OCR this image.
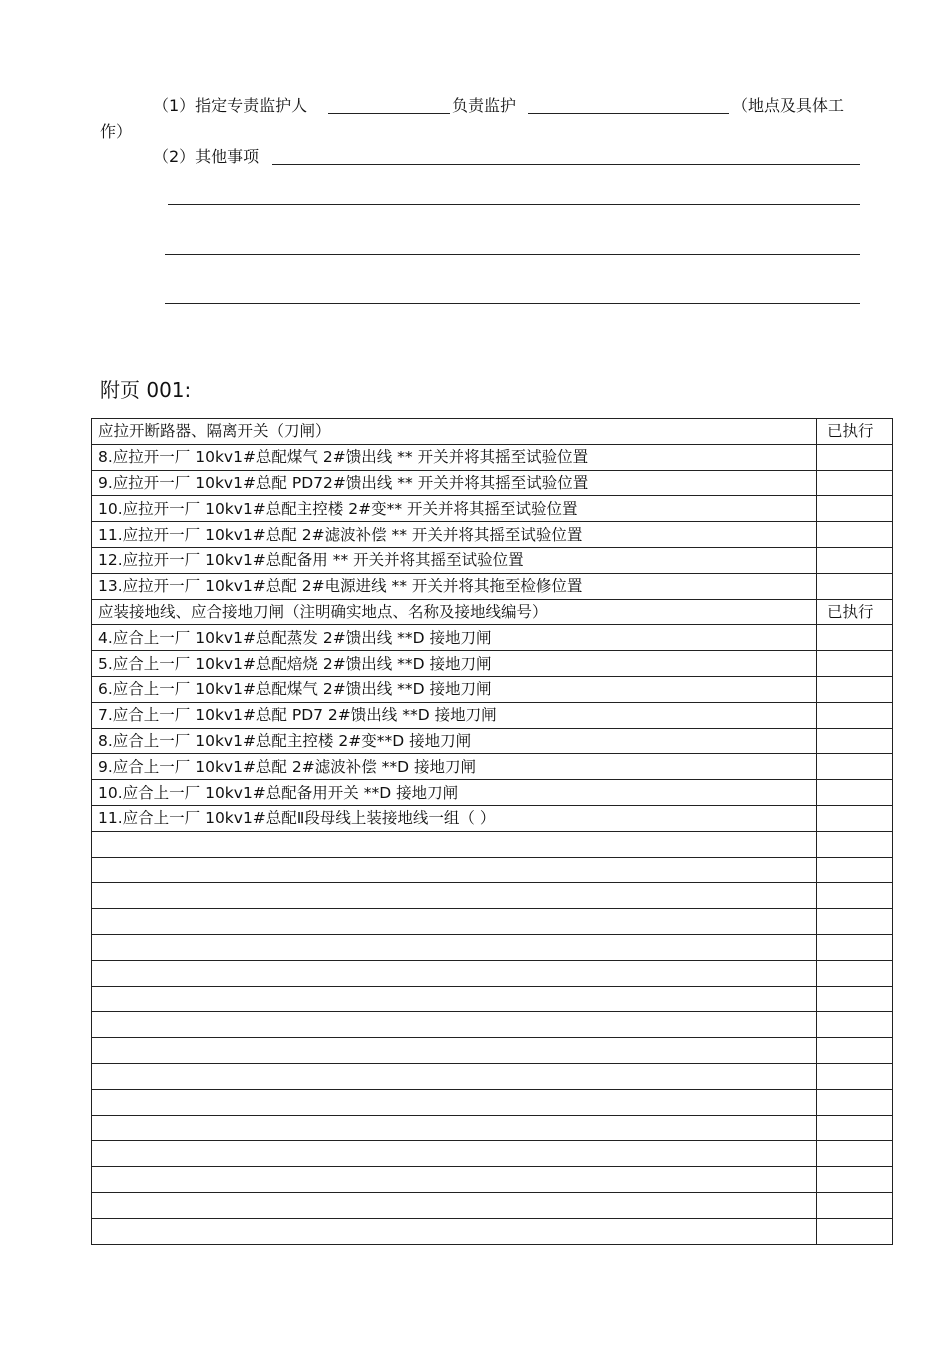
（1）指定专责监护人	负责监护	（地点及具体工
作）
（2）其他事项
附页 001:
应拉开断路器、隔离开关（刀闸）	已执行
8.应拉开一厂 10kv1#总配煤气 2#馈出线 ** 开关并将其摇至试验位置	
9.应拉开一厂 10kv1#总配 PD72#馈出线 ** 开关并将其摇至试验位置	
10.应拉开一厂 10kv1#总配主控楼 2#变** 开关并将其摇至试验位置	
11.应拉开一厂 10kv1#总配 2#滤波补偿 ** 开关并将其摇至试验位置	
12.应拉开一厂 10kv1#总配备用 ** 开关并将其摇至试验位置	
13.应拉开一厂 10kv1#总配 2#电源进线 ** 开关并将其拖至检修位置	
应装接地线、应合接地刀闸（注明确实地点、名称及接地线编号）	已执行
4.应合上一厂 10kv1#总配蒸发 2#馈出线 **D 接地刀闸	
5.应合上一厂 10kv1#总配焙烧 2#馈出线 **D 接地刀闸	
6.应合上一厂 10kv1#总配煤气 2#馈出线 **D 接地刀闸	
7.应合上一厂 10kv1#总配 PD7 2#馈出线 **D 接地刀闸	
8.应合上一厂 10kv1#总配主控楼 2#变**D 接地刀闸	
9.应合上一厂 10kv1#总配 2#滤波补偿 **D 接地刀闸	
10.应合上一厂 10kv1#总配备用开关 **D 接地刀闸	
11.应合上一厂 10kv1#总配Ⅱ段母线上装接地线一组（ ）	
